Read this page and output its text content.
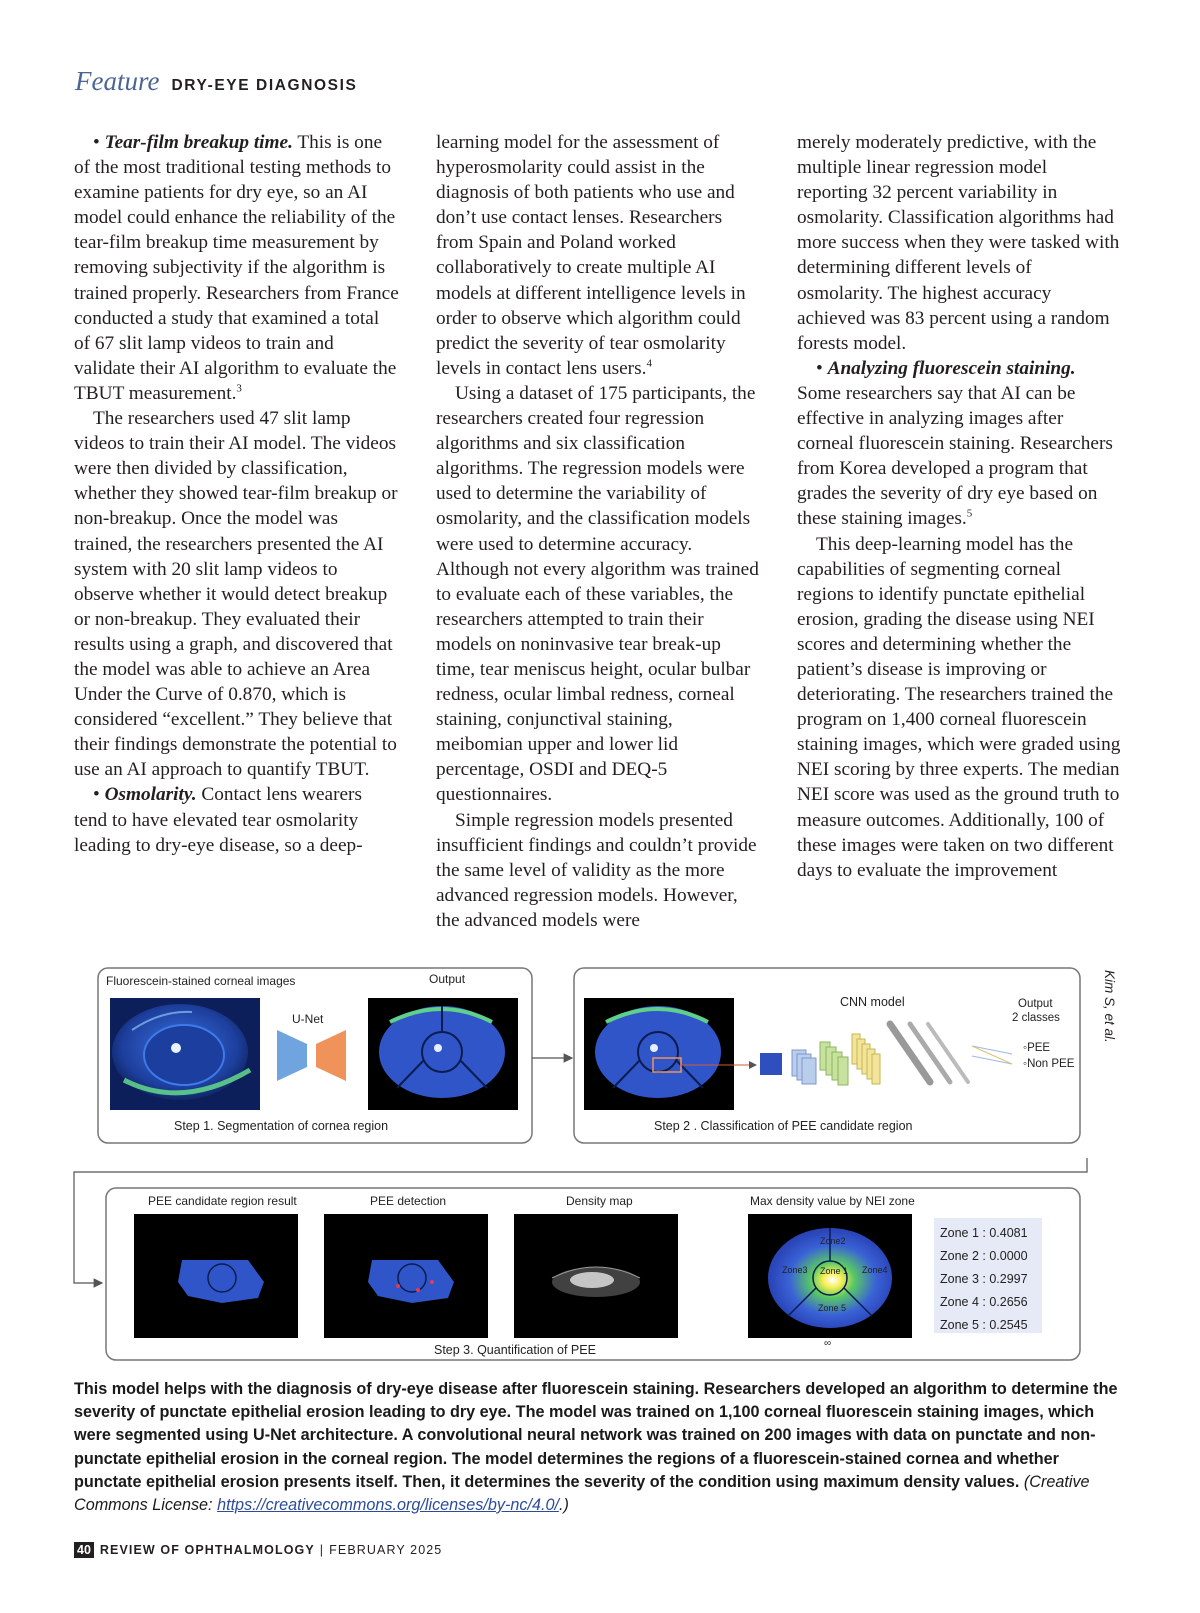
Feature DRY-EYE DIAGNOSIS

• Tear-film breakup time. This is one of the most traditional testing methods to examine patients for dry eye, so an AI model could enhance the reliability of the tear-film breakup time measurement by removing subjectivity if the algorithm is trained properly. Researchers from France conducted a study that examined a total of 67 slit lamp videos to train and validate their AI algorithm to evaluate the TBUT measurement.$^3$

The researchers used 47 slit lamp videos to train their AI model. The videos were then divided by classification, whether they showed tear-film breakup or non-breakup. Once the model was trained, the researchers presented the AI system with 20 slit lamp videos to observe whether it would detect breakup or non-breakup. They evaluated their results using a graph, and discovered that the model was able to achieve an Area Under the Curve of 0.870, which is considered “excellent.” They believe that their findings demonstrate the potential to use an AI approach to quantify TBUT.

• Osmolarity. Contact lens wearers tend to have elevated tear osmolarity leading to dry-eye disease, so a deep-

learning model for the assessment of hyperosmolarity could assist in the diagnosis of both patients who use and don’t use contact lenses. Researchers from Spain and Poland worked collaboratively to create multiple AI models at different intelligence levels in order to observe which algorithm could predict the severity of tear osmolarity levels in contact lens users.$^4$

Using a dataset of 175 participants, the researchers created four regression algorithms and six classification algorithms. The regression models were used to determine the variability of osmolarity, and the classification models were used to determine accuracy. Although not every algorithm was trained to evaluate each of these variables, the researchers attempted to train their models on noninvasive tear break-up time, tear meniscus height, ocular bulbar redness, ocular limbal redness, corneal staining, conjunctival staining, meibomian upper and lower lid percentage, OSDI and DEQ-5 questionnaires.

Simple regression models presented insufficient findings and couldn’t provide the same level of validity as the more advanced regression models. However, the advanced models were

merely moderately predictive, with the multiple linear regression model reporting 32 percent variability in osmolarity. Classification algorithms had more success when they were tasked with determining different levels of osmolarity. The highest accuracy achieved was 83 percent using a random forests model.

• Analyzing fluorescein staining. Some researchers say that AI can be effective in analyzing images after corneal fluorescein staining. Researchers from Korea developed a program that grades the severity of dry eye based on these staining images.$^5$

This deep-learning model has the capabilities of segmenting corneal regions to identify punctate epithelial erosion, grading the disease using NEI scores and determining whether the patient’s disease is improving or deteriorating. The researchers trained the program on 1,400 corneal fluorescein staining images, which were graded using NEI scoring by three experts. The median NEI score was used as the ground truth to measure outcomes. Additionally, 100 of these images were taken on two different days to evaluate the improvement

Kim S, et al.
Fluorescein-stained corneal images	Output
U-Net
Step 1. Segmentation of cornea region
CNN model	Output
2 classes
◦PEE
◦Non PEE
Step 2 . Classification of PEE candidate region
PEE candidate region result	PEE detection	Density map	Max density value by NEI zone
Zone2
Zone3 Zone 1 Zone4
Zone 5
Zone 1 : 0.4081
Zone 2 : 0.0000
Zone 3 : 0.2997
Zone 4 : 0.2656
Zone 5 : 0.2545
Step 3. Quantification of PEE	∞
This model helps with the diagnosis of dry-eye disease after fluorescein staining. Researchers developed an algorithm to determine the severity of punctate epithelial erosion leading to dry eye. The model was trained on 1,100 corneal fluorescein staining images, which were segmented using U-Net architecture. A convolutional neural network was trained on 200 images with data on punctate and non-punctate epithelial erosion in the corneal region. The model determines the regions of a fluorescein-stained cornea and whether punctate epithelial erosion presents itself. Then, it determines the severity of the condition using maximum density values. (Creative Commons License: https://creativecommons.org/licenses/by-nc/4.0/.)
40 REVIEW OF OPHTHALMOLOGY | FEBRUARY 2025
